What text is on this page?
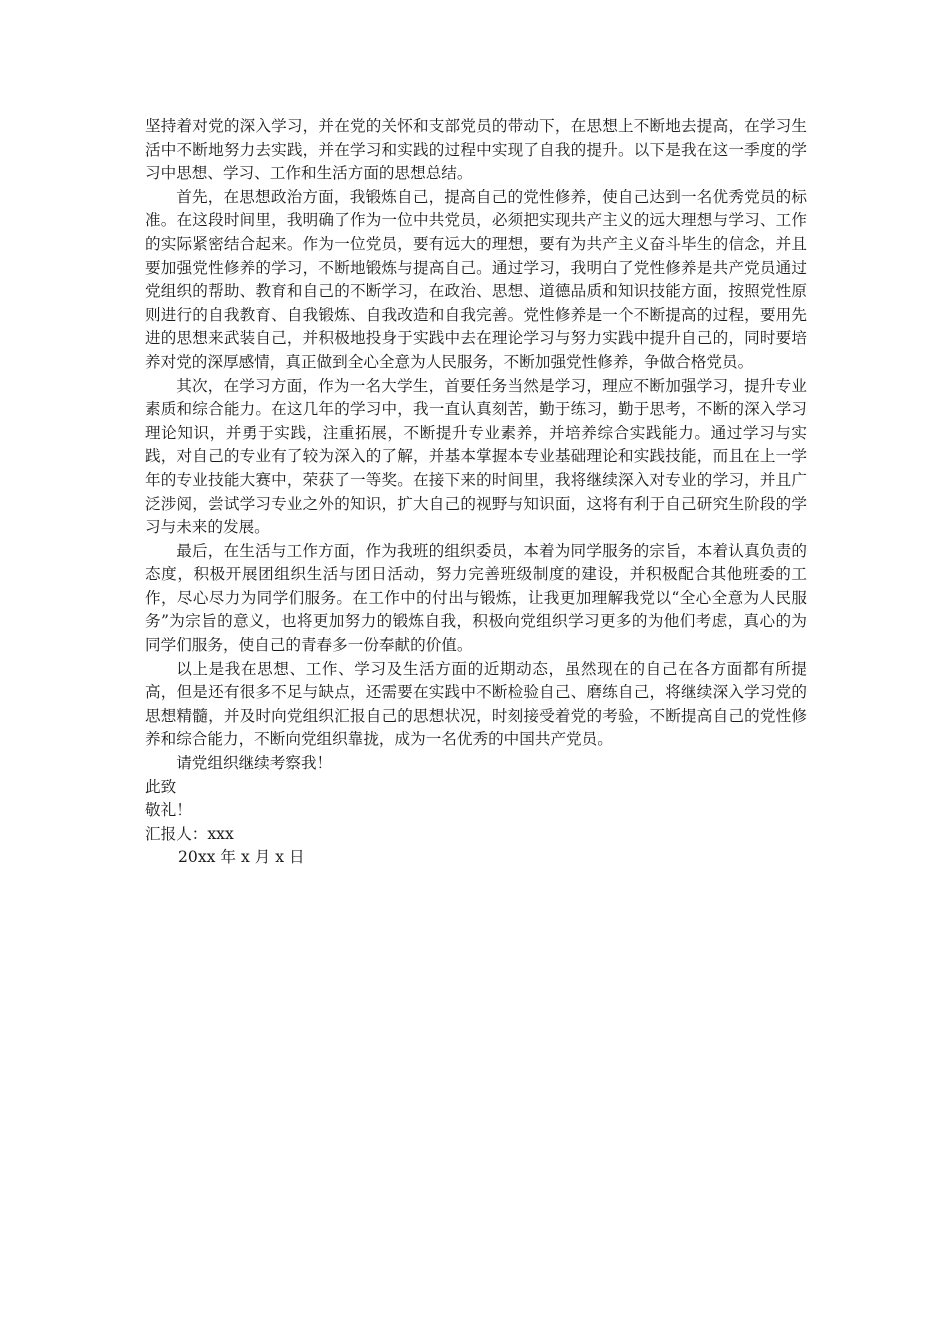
坚持着对党的深入学习，并在党的关怀和支部党员的带动下，在思想上不断地去提高，在学习生活中不断地努力去实践，并在学习和实践的过程中实现了自我的提升。以下是我在这一季度的学习中思想、学习、工作和生活方面的思想总结。

首先，在思想政治方面，我锻炼自己，提高自己的党性修养，使自己达到一名优秀党员的标准。在这段时间里，我明确了作为一位中共党员，必须把实现共产主义的远大理想与学习、工作的实际紧密结合起来。作为一位党员，要有远大的理想，要有为共产主义奋斗毕生的信念，并且要加强党性修养的学习，不断地锻炼与提高自己。通过学习，我明白了党性修养是共产党员通过党组织的帮助、教育和自己的不断学习，在政治、思想、道德品质和知识技能方面，按照党性原则进行的自我教育、自我锻炼、自我改造和自我完善。党性修养是一个不断提高的过程，要用先进的思想来武装自己，并积极地投身于实践中去在理论学习与努力实践中提升自己的，同时要培养对党的深厚感情，真正做到全心全意为人民服务，不断加强党性修养，争做合格党员。

其次，在学习方面，作为一名大学生，首要任务当然是学习，理应不断加强学习，提升专业素质和综合能力。在这几年的学习中，我一直认真刻苦，勤于练习，勤于思考，不断的深入学习理论知识，并勇于实践，注重拓展，不断提升专业素养，并培养综合实践能力。通过学习与实践，对自己的专业有了较为深入的了解，并基本掌握本专业基础理论和实践技能，而且在上一学年的专业技能大赛中，荣获了一等奖。在接下来的时间里，我将继续深入对专业的学习，并且广泛涉阅，尝试学习专业之外的知识，扩大自己的视野与知识面，这将有利于自己研究生阶段的学习与未来的发展。

最后，在生活与工作方面，作为我班的组织委员，本着为同学服务的宗旨，本着认真负责的态度，积极开展团组织生活与团日活动，努力完善班级制度的建设，并积极配合其他班委的工作，尽心尽力为同学们服务。在工作中的付出与锻炼，让我更加理解我党以“全心全意为人民服务”为宗旨的意义，也将更加努力的锻炼自我，积极向党组织学习更多的为他们考虑，真心的为同学们服务，使自己的青春多一份奉献的价值。

以上是我在思想、工作、学习及生活方面的近期动态，虽然现在的自己在各方面都有所提高，但是还有很多不足与缺点，还需要在实践中不断检验自己、磨练自己，将继续深入学习党的思想精髓，并及时向党组织汇报自己的思想状况，时刻接受着党的考验，不断提高自己的党性修养和综合能力，不断向党组织靠拢，成为一名优秀的中国共产党员。

请党组织继续考察我！

此致

敬礼！

汇报人：xxx

20xx 年 x 月 x 日
